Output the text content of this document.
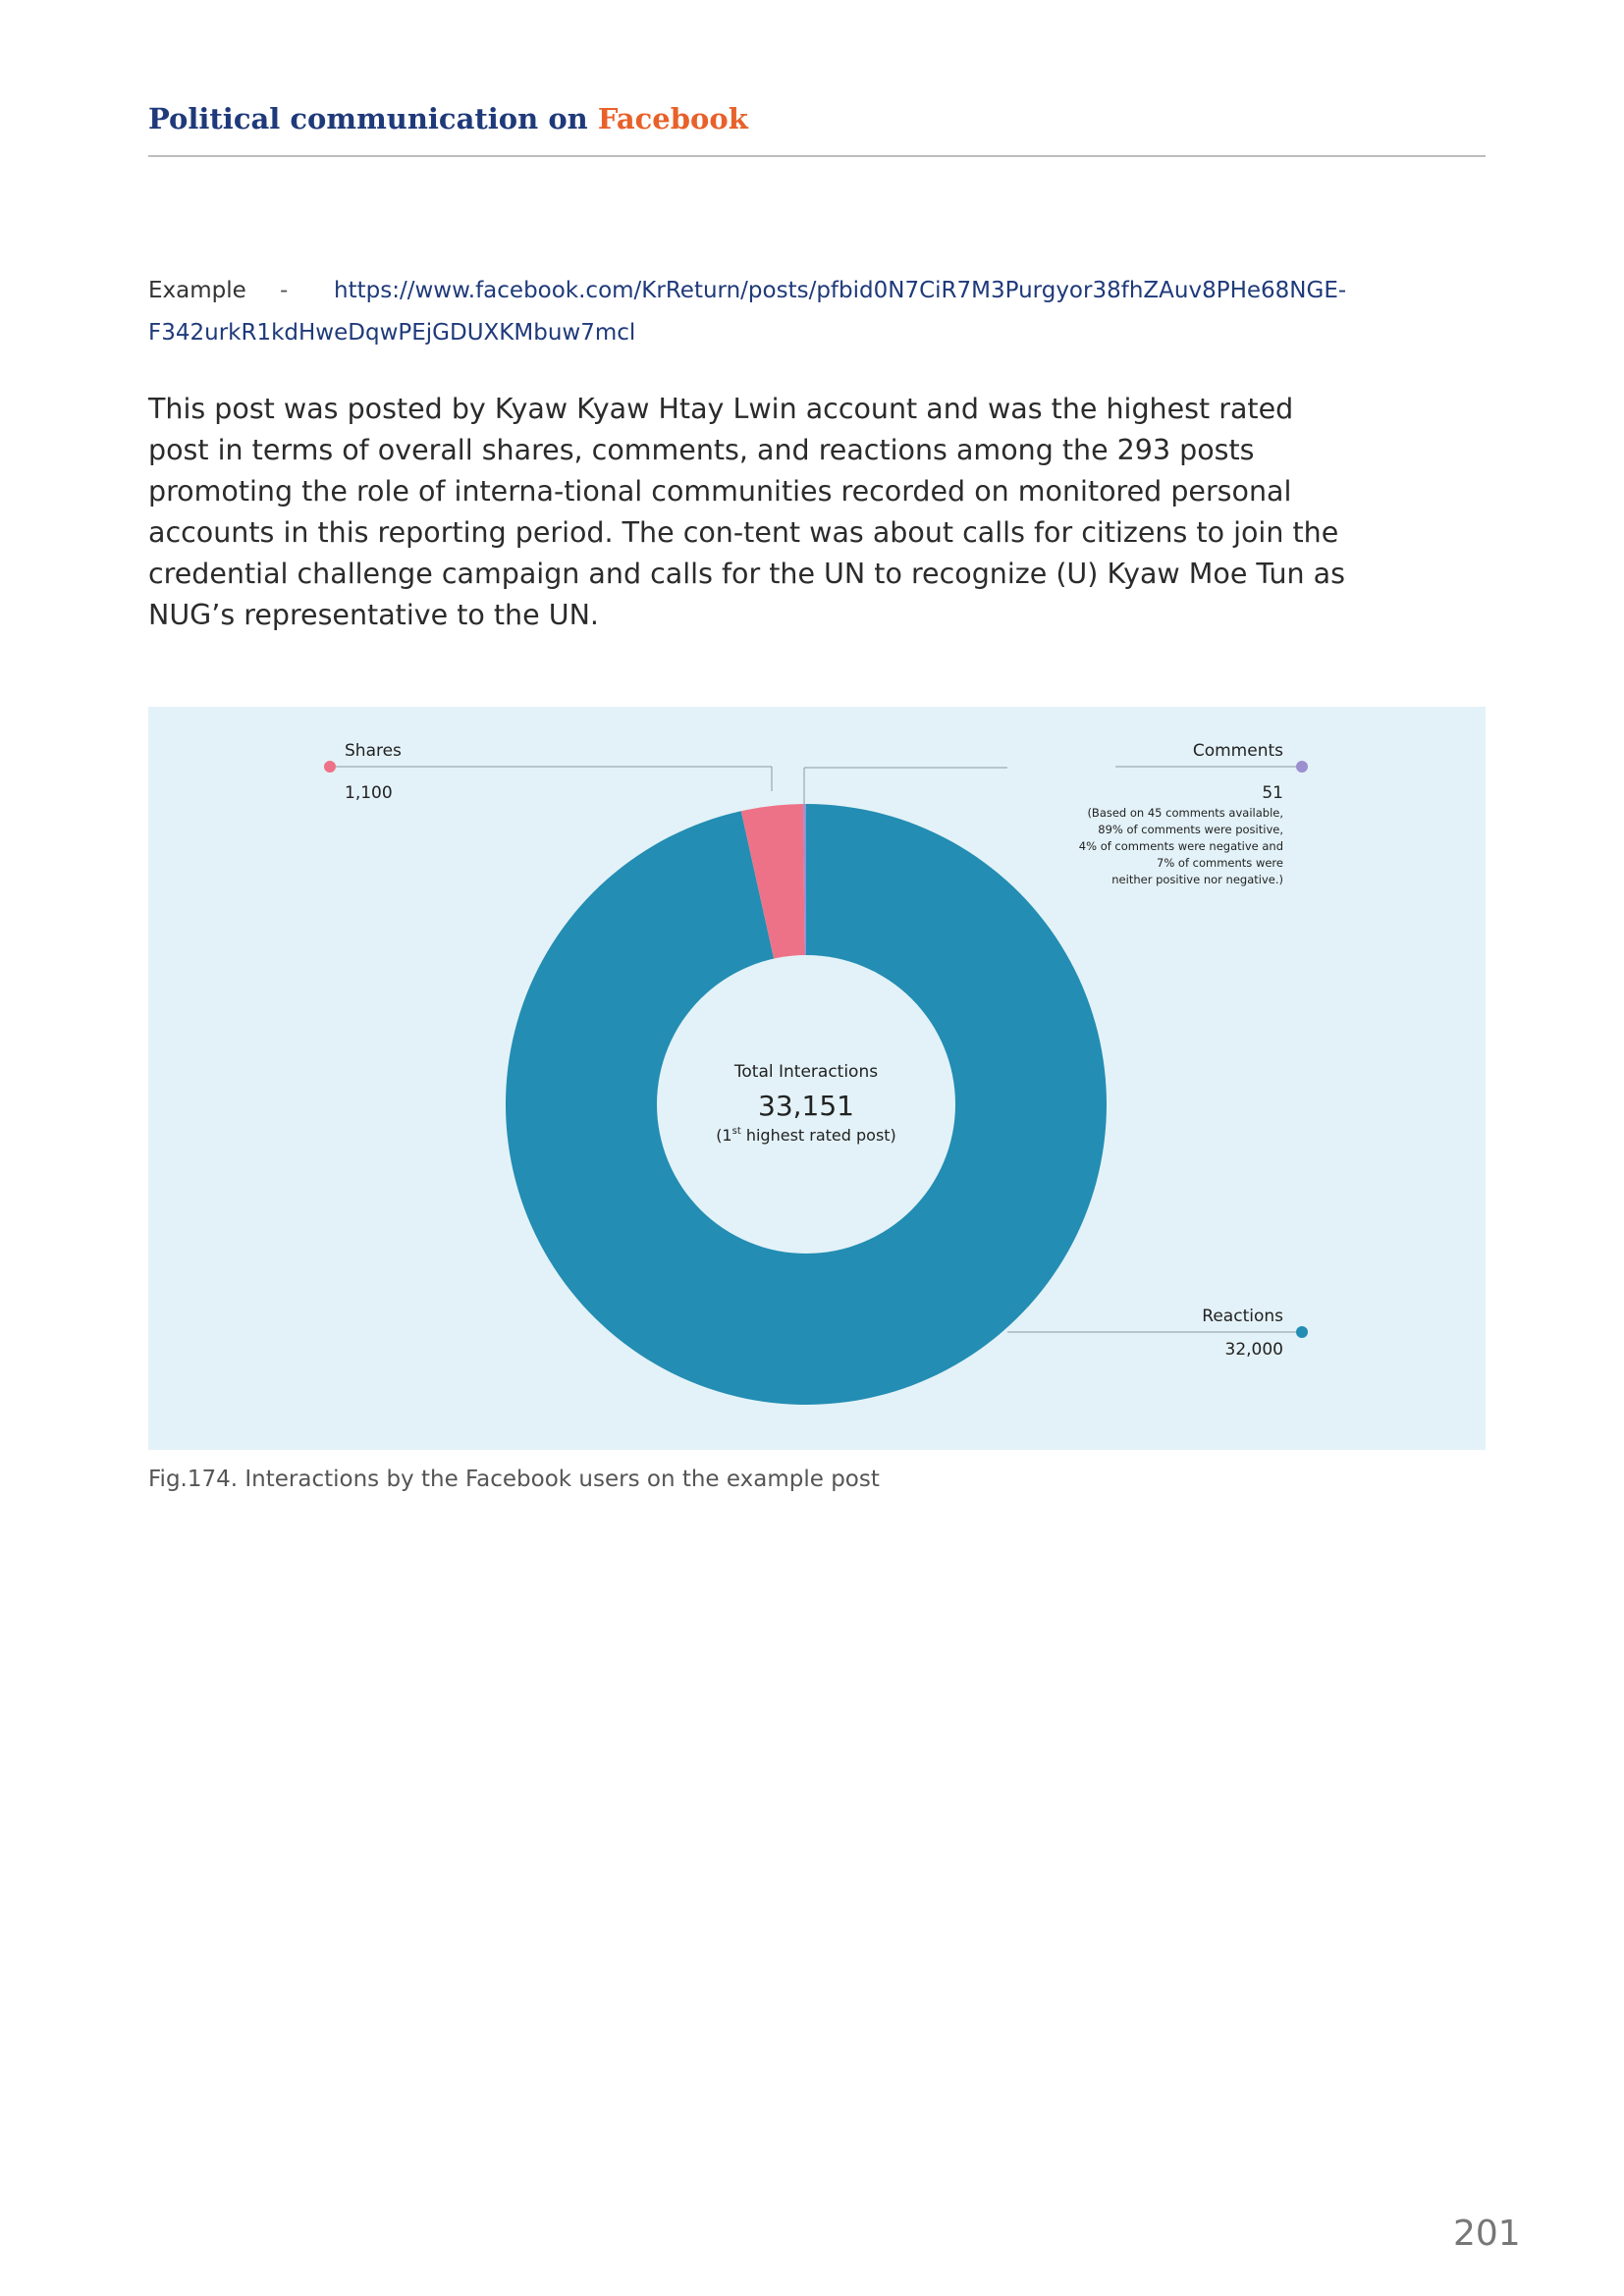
Political communication on Facebook
Example - https://www.facebook.com/KrReturn/posts/pfbid0N7CiR7M3Purgyor38fhZAuv8PHe68NGE-F342urkR1kdHweDqwPEjGDUXKMbuw7mcl
This post was posted by Kyaw Kyaw Htay Lwin account and was the highest rated post in terms of overall shares, comments, and reactions among the 293 posts promoting the role of interna-tional communities recorded on monitored personal accounts in this reporting period. The con-tent was about calls for citizens to join the credential challenge campaign and calls for the UN to recognize (U) Kyaw Moe Tun as NUG’s representative to the UN.
Total Interactions
33,151
(1st highest rated post)
Shares
1,100
Comments
51
(Based on 45 comments available,
89% of comments were positive,
4% of comments were negative and
7% of comments were
neither positive nor negative.)
Reactions
32,000
Fig.174. Interactions by the Facebook users on the example post
201
